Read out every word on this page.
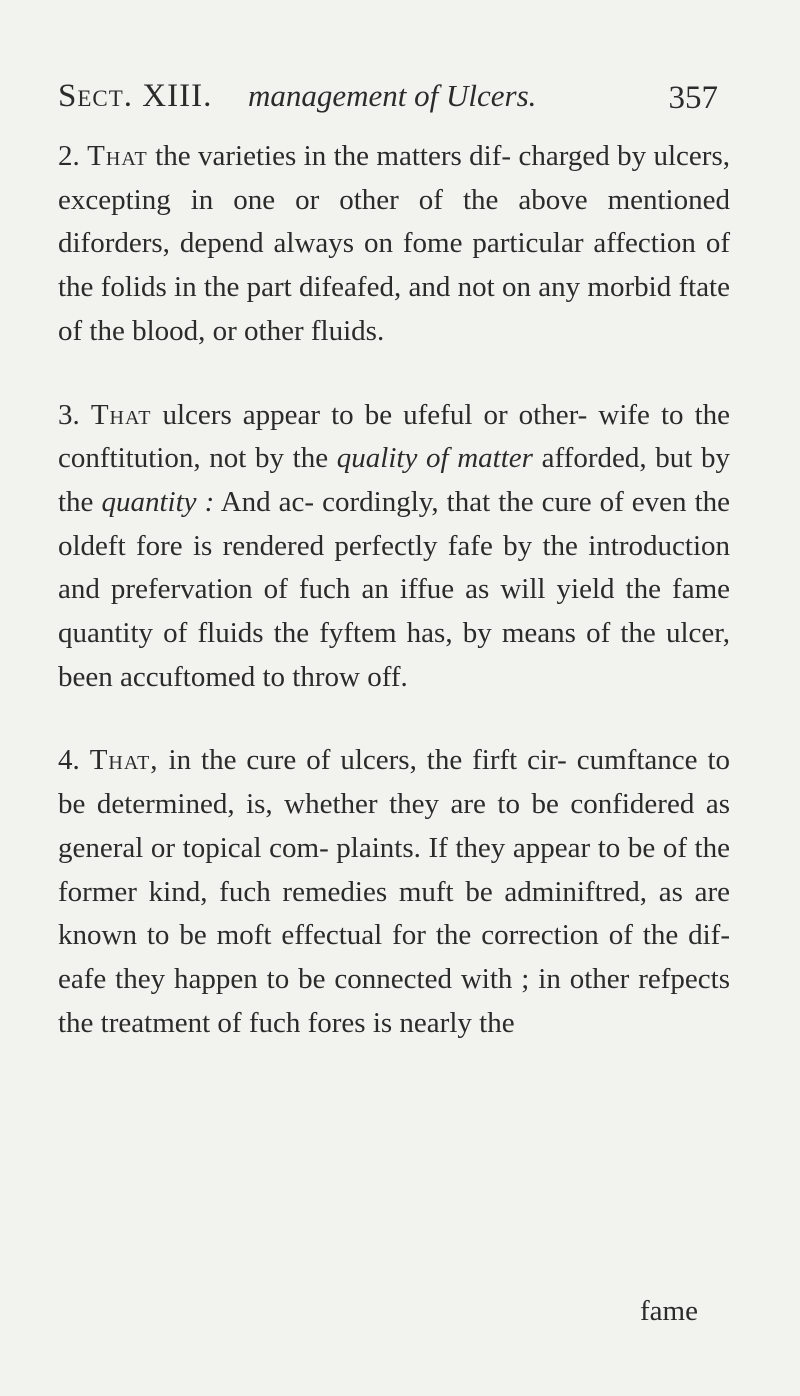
Sect. XIII. management of Ulcers.	357

2. That the varieties in the matters dif- charged by ulcers, excepting in one or other of the above mentioned diforders, depend always on fome particular affection of the folids in the part difeafed, and not on any morbid ftate of the blood, or other fluids.

3. That ulcers appear to be ufeful or other- wife to the conftitution, not by the quality of matter afforded, but by the quantity : And ac- cordingly, that the cure of even the oldeft fore is rendered perfectly fafe by the introduction and prefervation of fuch an iffue as will yield the fame quantity of fluids the fyftem has, by means of the ulcer, been accuftomed to throw off.

4. That, in the cure of ulcers, the firft cir- cumftance to be determined, is, whether they are to be confidered as general or topical com- plaints. If they appear to be of the former kind, fuch remedies muft be adminiftred, as are known to be moft effectual for the correction of the dif- eafe they happen to be connected with ; in other refpects the treatment of fuch fores is nearly the

fame
